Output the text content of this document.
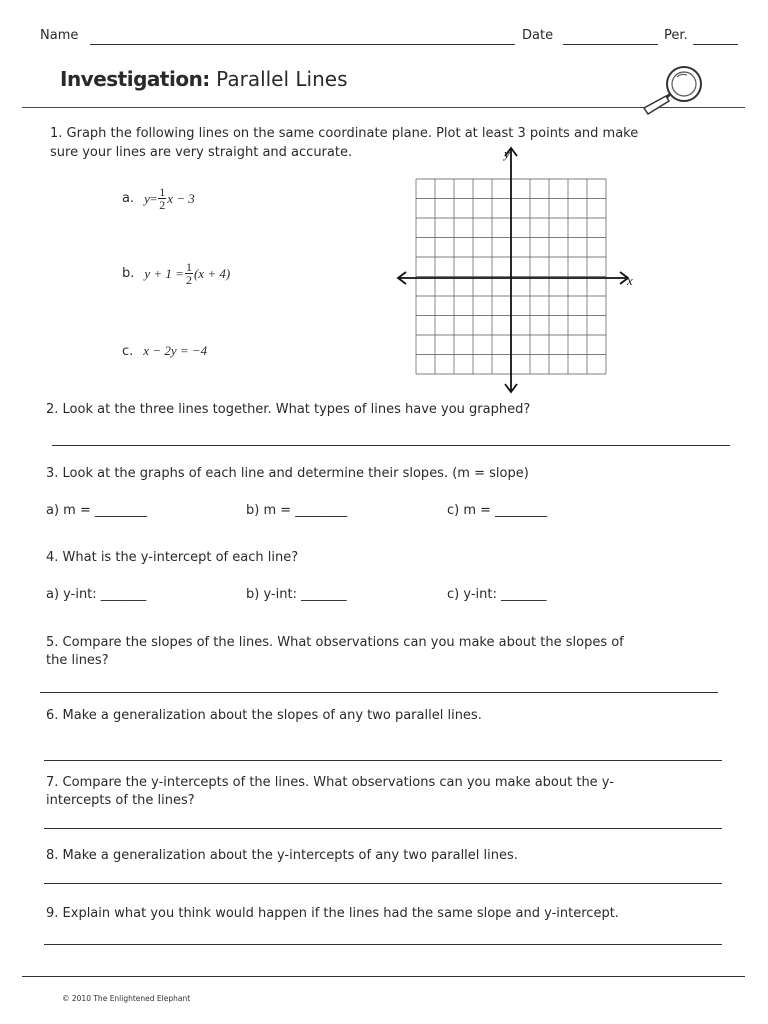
Name	Date	Per.
Investigation: Parallel Lines
1. Graph the following lines on the same coordinate plane. Plot at least 3 points and make
sure your lines are very straight and accurate.
a. $y = \frac{1}{2}$ x − 3
b. $y + 1 = \frac{1}{2} (x + 4)$
c. x − 2y = −4
y
x
2. Look at the three lines together. What types of lines have you graphed?
3. Look at the graphs of each line and determine their slopes. (m = slope)
a) m = ________	b) m = ________	c) m = ________
4. What is the y-intercept of each line?
a) y-int: _______	b) y-int: _______	c) y-int: _______
5. Compare the slopes of the lines. What observations can you make about the slopes of
the lines?
6. Make a generalization about the slopes of any two parallel lines.
7. Compare the y-intercepts of the lines. What observations can you make about the y-
intercepts of the lines?
8. Make a generalization about the y-intercepts of any two parallel lines.
9. Explain what you think would happen if the lines had the same slope and y-intercept.
© 2010 The Enlightened Elephant
